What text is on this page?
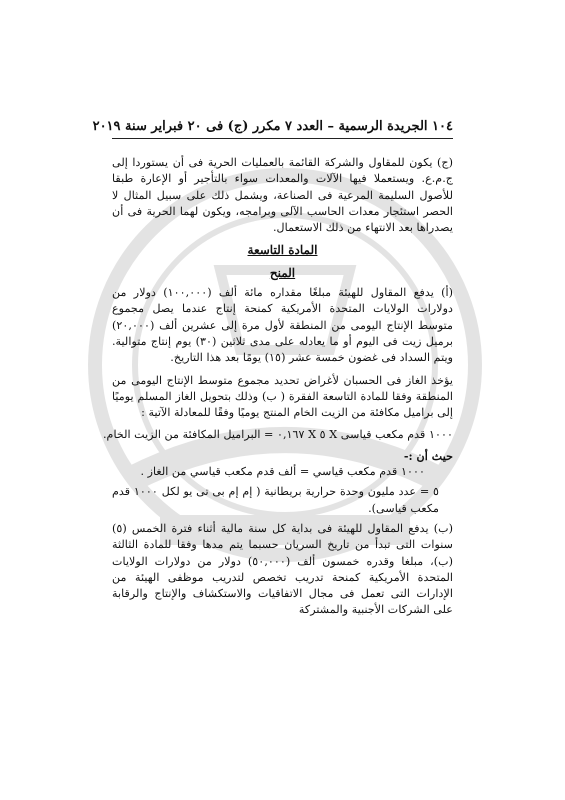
١٠٤ الجريدة الرسمية – العدد ٧ مكرر (ج) فى ٢٠ فبراير سنة ٢٠١٩

(ج) يكون للمقاول والشركة القائمة بالعمليات الحرية فى أن يستوردا إلى ج.م.ع. ويستعملا فيها الآلات والمعدات سواء بالتأجير أو الإعارة طبقا للأصول السليمة المرعية فى الصناعة، ويشمل ذلك على سبيل المثال لا الحصر استئجار معدات الحاسب الآلى وبرامجه، ويكون لهما الحرية فى أن يصدراها بعد الانتهاء من ذلك الاستعمال.

المادة التاسعة
المنح

(أ) يدفع المقاول للهيئة مبلغًا مقداره مائة ألف (١٠٠,٠٠٠) دولار من دولارات الولايات المتحدة الأمريكية كمنحة إنتاج عندما يصل مجموع متوسط الإنتاج اليومى من المنطقة لأول مرة إلى عشرين ألف (٢٠,٠٠٠) برميل زيت فى اليوم أو ما يعادله على مدى ثلاثين (٣٠) يوم إنتاج متوالية. ويتم السداد فى غضون خمسة عشر (١٥) يومًا بعد هذا التاريخ.

يؤخذ الغاز فى الحسبان لأغراض تحديد مجموع متوسط الإنتاج اليومى من المنطقة وفقا للمادة التاسعة الفقرة ( ب) وذلك بتحويل الغاز المسلم يوميًا إلى براميل مكافئة من الزيت الخام المنتج يوميًا وفقًا للمعادلة الآتية :

١٠٠٠ قدم مكعب قياسى X ٥ X ٠,١٦٧ = البراميل المكافئة من الزيت الخام.
حيث أن :-
١٠٠٠ قدم مكعب قياسي = ألف قدم مكعب قياسي من الغاز .
٥ = عدد مليون وحدة حرارية بريطانية ( إم إم بى تى يو لكل ١٠٠٠ قدم مكعب قياسى).

(ب) يدفع المقاول للهيئة فى بداية كل سنة مالية أثناء فترة الخمس (٥) سنوات التى تبدأ من تاريخ السريان حسبما يتم مدها وفقا للمادة الثالثة (ب)، مبلغا وقدره خمسون ألف (٥٠,٠٠٠) دولار من دولارات الولايات المتحدة الأمريكية كمنحة تدريب تخصص لتدريب موظفى الهيئة من الإدارات التى تعمل فى مجال الاتفاقيات والاستكشاف والإنتاج والرقابة على الشركات الأجنبية والمشتركة
